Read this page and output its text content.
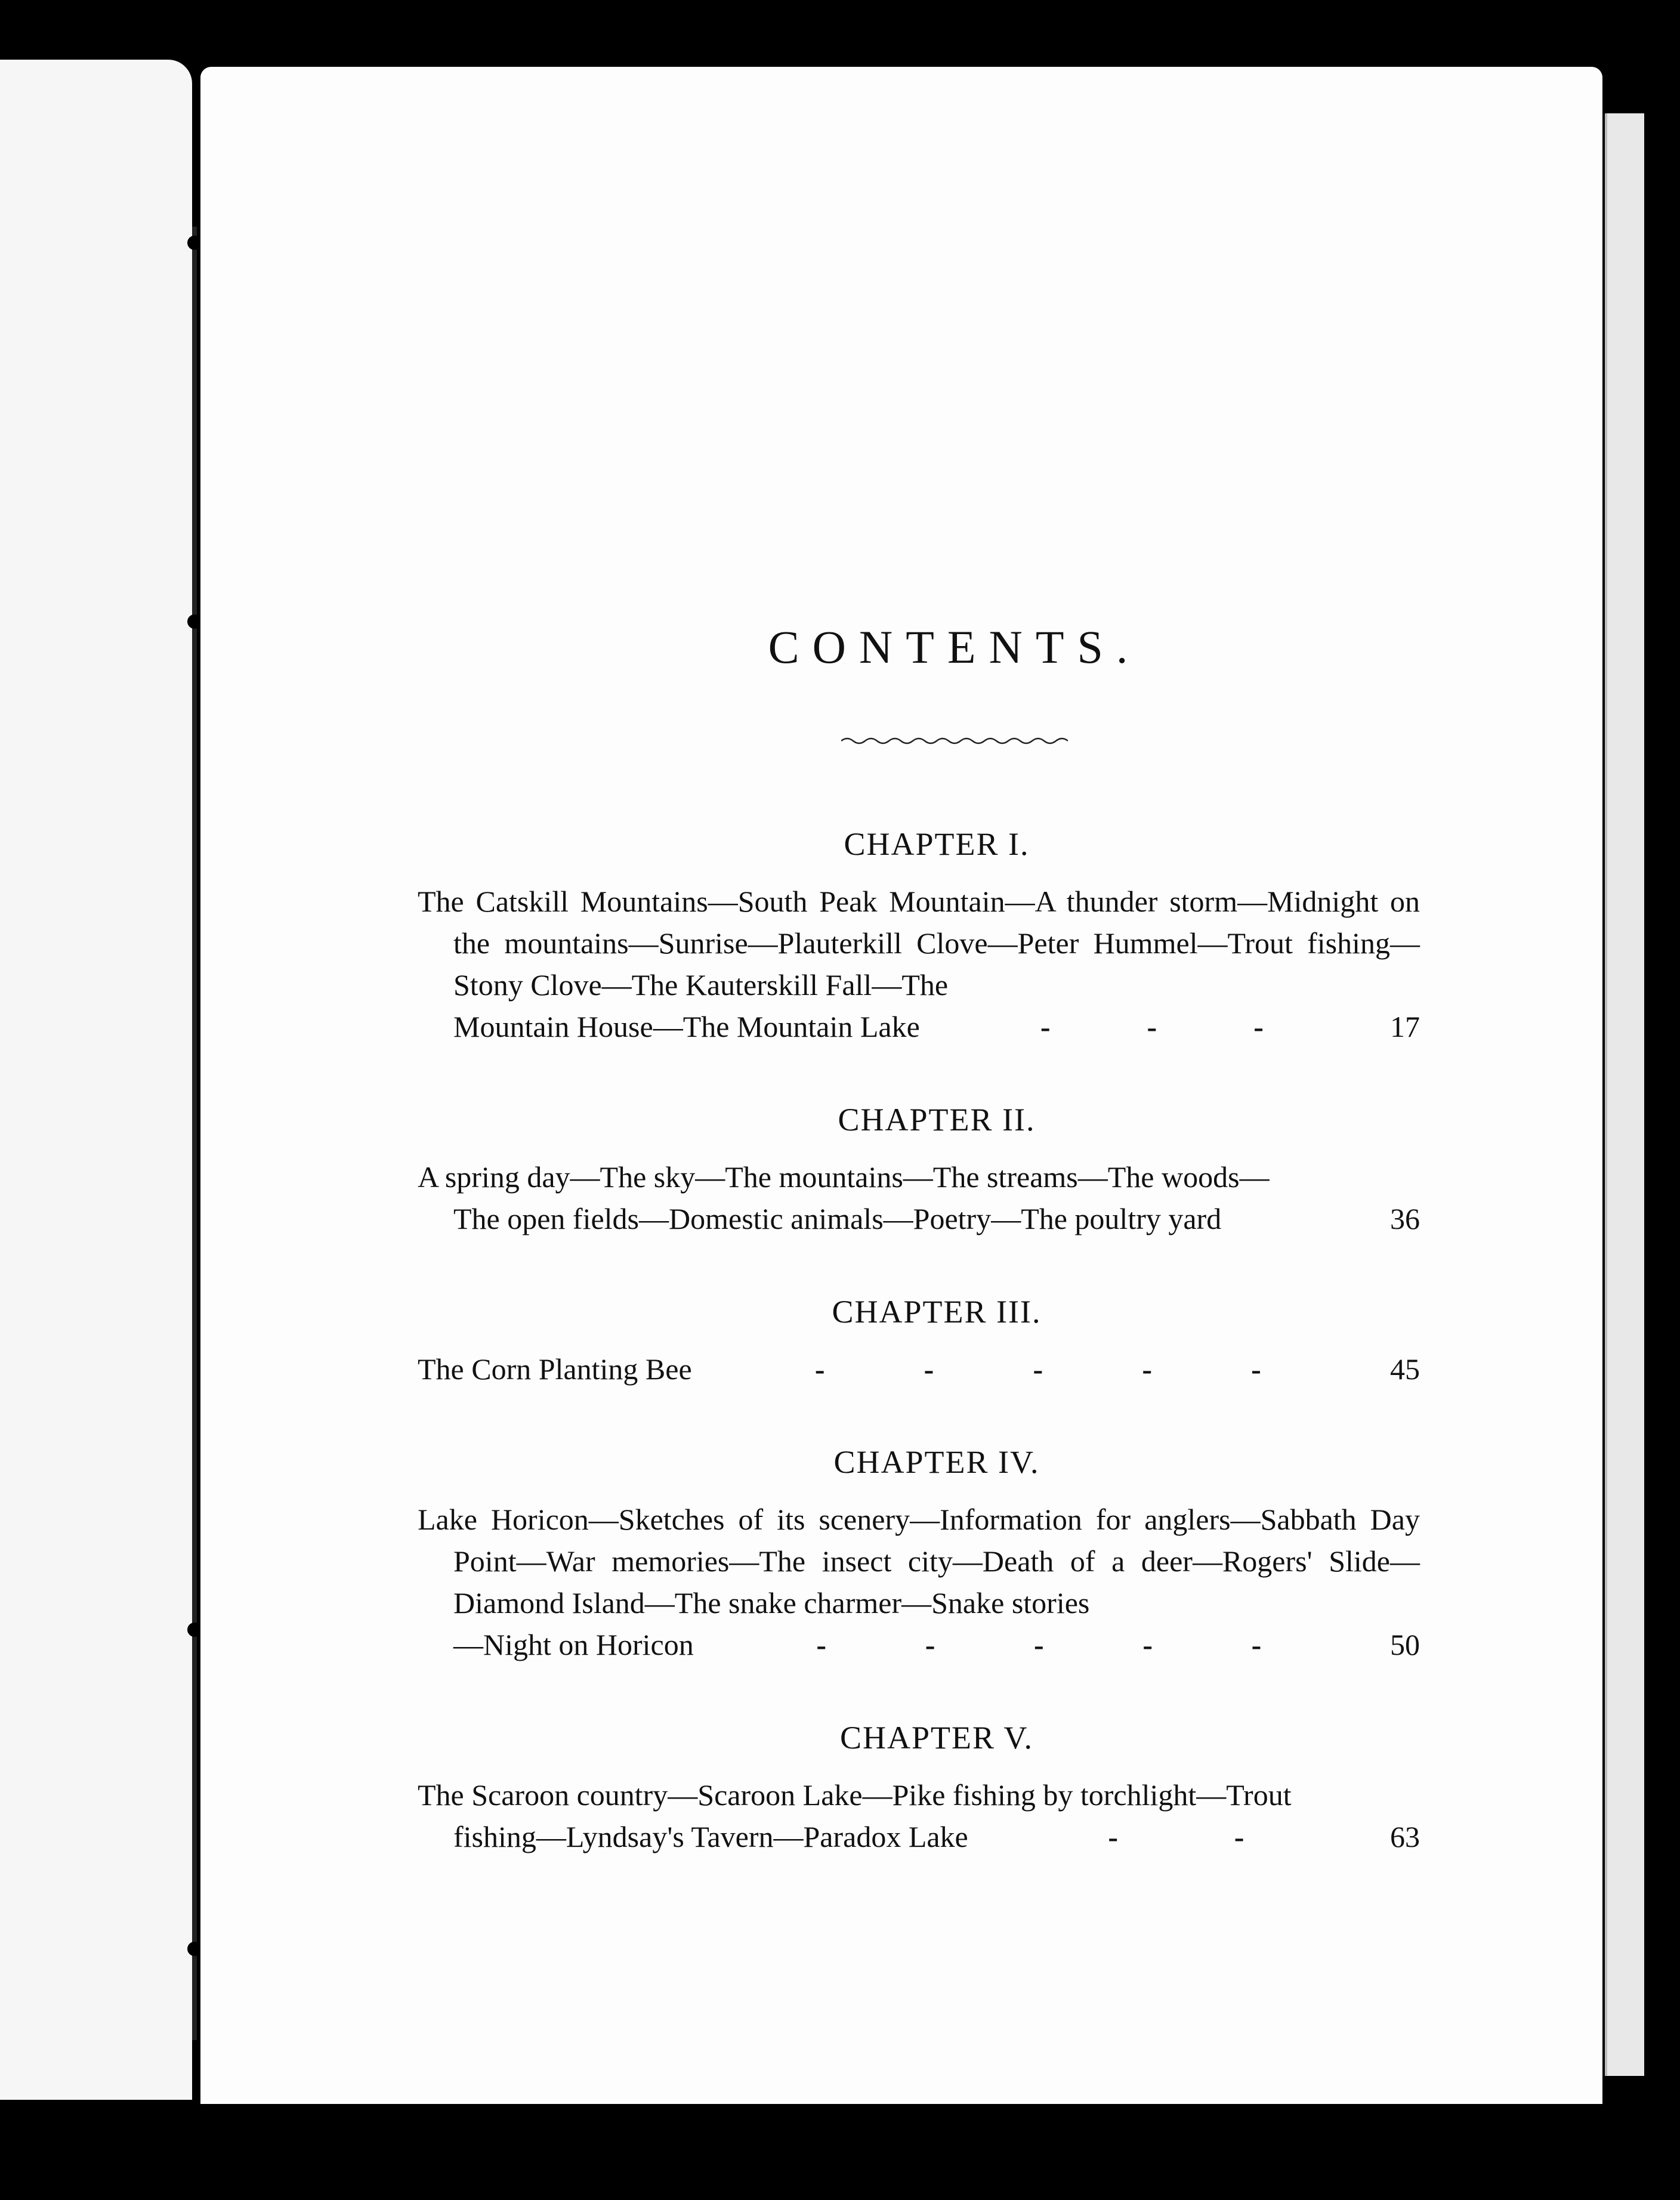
CONTENTS.
CHAPTER I.

The Catskill Mountains—South Peak Mountain—A thunder storm—Midnight on the mountains—Sunrise—Plauterkill Clove—Peter Hummel—Trout fishing—Stony Clove—The Kauterskill Fall—The

Mountain House—The Mountain Lake	-	-	-	17
CHAPTER II.

A spring day—The sky—The mountains—The streams—The woods—

The open fields—Domestic animals—Poetry—The poultry yard	36
CHAPTER III.
The Corn Planting Bee	-	-	-	-	-	45
CHAPTER IV.

Lake Horicon—Sketches of its scenery—Information for anglers—Sabbath Day Point—War memories—The insect city—Death of a deer—Rogers' Slide—Diamond Island—The snake charmer—Snake stories

—Night on Horicon	-	-	-	-	-	50
CHAPTER V.

The Scaroon country—Scaroon Lake—Pike fishing by torchlight—Trout

fishing—Lyndsay's Tavern—Paradox Lake	-	-	63
